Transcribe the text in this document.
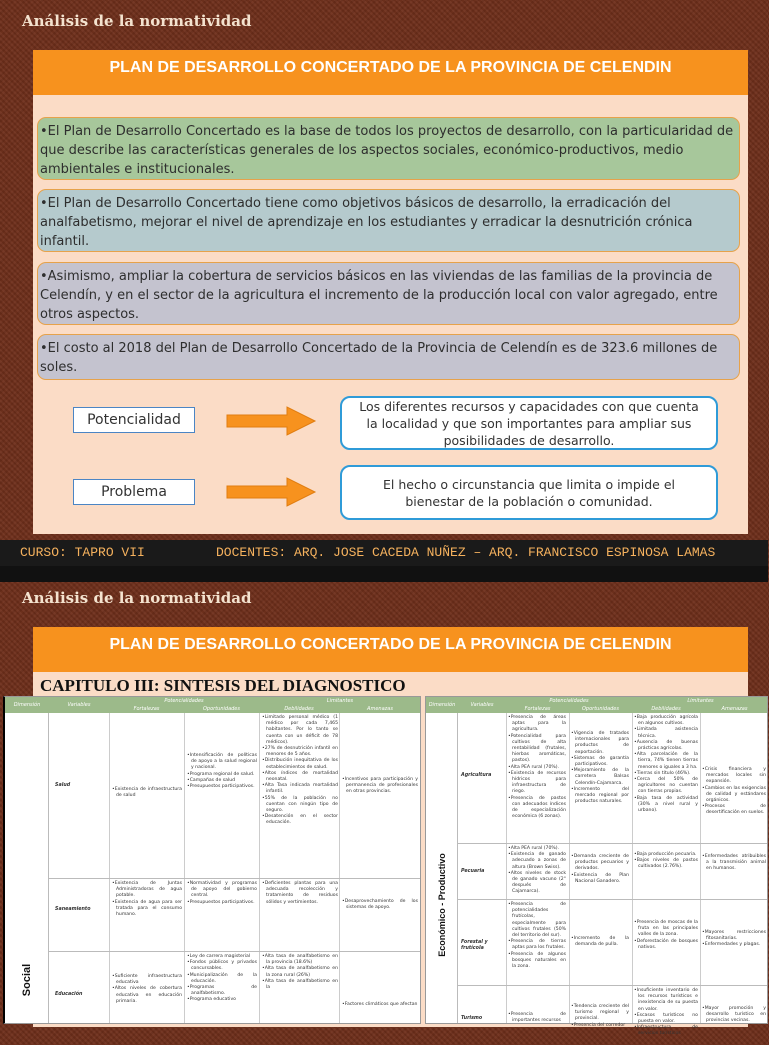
Análisis de la normatividad
PLAN DE DESARROLLO CONCERTADO DE LA PROVINCIA DE CELENDIN
•El Plan de Desarrollo Concertado es la base de todos los proyectos de desarrollo, con la particularidad de que describe las características generales de los aspectos sociales, económico-productivos, medio ambientales e institucionales.
•El Plan de Desarrollo Concertado tiene como objetivos básicos de desarrollo, la erradicación del analfabetismo, mejorar el nivel de aprendizaje en los estudiantes y erradicar la desnutrición crónica infantil.
•Asimismo, ampliar la cobertura de servicios básicos en las viviendas de las familias de la provincia de Celendín, y en el sector de la agricultura el incremento de la producción local con valor agregado, entre otros aspectos.
•El costo al 2018 del Plan de Desarrollo Concertado de la Provincia de Celendín es de 323.6 millones de soles.
Potencialidad
Los diferentes recursos y capacidades con que cuenta la localidad y que son importantes para ampliar sus posibilidades de desarrollo.
Problema	El hecho o circunstancia que limita o impide el bienestar de la población o comunidad.
CURSO: TAPRO VII	DOCENTES: ARQ. JOSE CACEDA NUÑEZ – ARQ. FRANCISCO ESPINOSA LAMAS
Análisis de la normatividad
PLAN DE DESARROLLO CONCERTADO DE LA PROVINCIA DE CELENDIN
CAPITULO III: SINTESIS DEL DIAGNOSTICO
Dimensión	Variables
Potencialidades	Limitantes
Fortalezas	Oportunidades	Debilidades	Amenazas
Social
Salud
• Existencia de infraestructura de salud
• Intensificación de políticas de apoyo a la salud regional y nacional.
• Programa regional de salud.
• Campañas de salud
• Presupuestos participativos.
• Limitado personal médico (1 médico por cada 7,465 habitantes. Por lo tanto se cuenta con un déficit de 78 médicos).
• 27% de desnutrición infantil en menores de 5 años.
• Distribución inequitativa de los establecimientos de salud.
• Altos índices de mortalidad neonatal.
• Alta Tasa indicada mortalidad infantil.
• 55% de la población no cuentan con ningún tipo de seguro.
• Desatención en el sector educación.
• Incentivos para participación y permanencia de profesionales en otras provincias.
Saneamiento
• Existencia de Juntas Administradoras de agua potable.
• Existencia de agua para ser tratada para el consumo humano.
• Normatividad y programas de apoyo del gobierno central.
• Presupuestos participativos.
• Deficientes plantas para una adecuada recolección y tratamiento de residuos sólidos y vertimientos.
•	Desaprovechamiento de los sistemas de apoyo.
Educación
• Suficiente infraestructura educativa
• Altos niveles de cobertura educativa en educación primaria.
• Ley de carrera magisterial
• Fondos públicos y privados concursables.
• Municipalización de la educación.
• Programas de analfabetismo.
• Programa educativo
• Alta tasa de analfabetismo en la provincia (18.6%)
• Alta tasa de analfabetismo en la zona rural (26%)
• Alta tasa de analfabetismo en la
• Factores climáticos que afectan
Dimensión	Variables
Potencialidades	Limitantes
Fortalezas	Oportunidades	Debilidades	Amenazas
Económico - Productivo
Agricultura
• Presencia de áreas aptas para la agricultura.
• Potencialidad para cultivos de alta rentabilidad (frutales, hierbas aromáticas, pastos).
• Alta PEA rural (70%).
• Existencia de recursos hídricos para infraestructura de riego.
• Presencia de pastos con adecuados índices de especialización económica (6 zonas).
• Vigencia de tratados internacionales para productos de exportación.
• Sistemas de garantía participativos.
• Mejoramiento de la carretera Balsas Celendín-Cajamarca.
• Incremento del mercado regional por productos naturales.
• Baja producción agrícola en algunos cultivos.
• Limitada asistencia técnica.
• Ausencia de buenas prácticas agrícolas.
• Alta parcelación de la tierra, 74% tienen tierras menores o iguales a 3 ha.
• Tierras sin título (46%).
• Cerca del 50% de agricultores no cuentan con tierras propias.
• Baja tasa de actividad (30% a nivel rural y urbano).
• Crisis financiera y mercados locales sin expansión.
• Cambios en las exigencias de calidad y estándares orgánicos.
• Procesos de desertificación en suelos.
Pecuaria
• Alta PEA rural (70%).
• Existencia de ganado adecuado a zonas de altura (Brown Swiss).
• Altos niveles de stock de ganado vacuno (2° después de Cajamarca).
• Demanda creciente de productos pecuarios y derivados.
• Existencia de Plan Nacional Ganadero.
• Baja producción pecuaria.
• Bajos niveles de pastos cultivados (2.76%).
• Enfermedades atribuibles a la transmisión animal en humanos.
Forestal y frutícola
• Presencia de potencialidades frutícolas, especialmente para cultivos frutales (50% del territorio del sur).
• Presencia de tierras aptas para los frutales.
• Presencia de algunos bosques naturales en la zona.
• Incremento de la demanda de pulla.
• Presencia de moscas de la fruta en las principales valles de la zona.
• Deforestación de bosques nativos.
• Mayores restricciones fitosanitarias.
• Enfermedades y plagas.
Turismo
• Presencia de importantes recursos
• Tendencia creciente del turismo regional y provincial.
• Presencia del corredor
• Insuficiente inventario de los recursos turísticos e inexistencia de su puesta en valor.
• Escasos turísticos no puesta en valor.
• Infraestructura de servicios turísticos
• Mayor promoción y desarrollo turístico en provincias vecinas.
